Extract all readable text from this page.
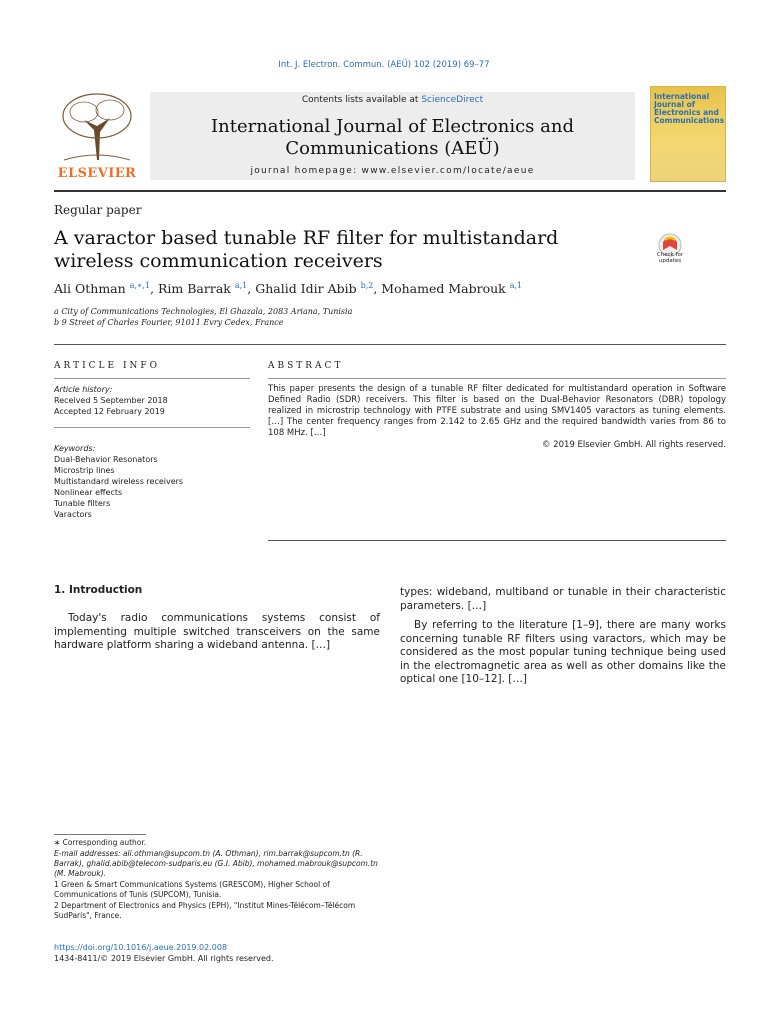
Int. J. Electron. Commun. (AEÜ) 102 (2019) 69–77
Contents lists available at ScienceDirect
International Journal of Electronics and Communications (AEÜ)
journal homepage: www.elsevier.com/locate/aeue
ELSEVIER
International Journal of Electronics and Communications
Regular paper
A varactor based tunable RF filter for multistandard wireless communication receivers	Check for updates
Ali Othman $^{a,∗,1}$, Rim Barrak $^{a,1}$, Ghalid Idir Abib $^{b,2}$, Mohamed Mabrouk $^{a,1}$
a City of Communications Technologies, El Ghazala, 2083 Ariana, Tunisia
b 9 Street of Charles Fourier, 91011 Evry Cedex, France
ARTICLE INFO
Article history:
Received 5 September 2018
Accepted 12 February 2019
Keywords:
Dual-Behavior Resonators
Microstrip lines
Multistandard wireless receivers
Nonlinear effects
Tunable filters
Varactors
ABSTRACT
This paper presents the design of a tunable RF filter dedicated for multistandard operation in Software Defined Radio (SDR) receivers. This filter is based on the Dual-Behavior Resonators (DBR) topology realized in microstrip technology with PTFE substrate and using SMV1405 varactors as tuning elements. […] The center frequency ranges from 2.142 to 2.65 GHz and the required bandwidth varies from 86 to 108 MHz. […]
© 2019 Elsevier GmbH. All rights reserved.
1. Introduction

Today's radio communications systems consist of implementing multiple switched transceivers on the same hardware platform sharing a wideband antenna. […]

types: wideband, multiband or tunable in their characteristic parameters. […]

By referring to the literature [1–9], there are many works concerning tunable RF filters using varactors, which may be considered as the most popular tuning technique being used in the electromagnetic area as well as other domains like the optical one [10–12]. […]

∗ Corresponding author.

E-mail addresses: ali.othman@supcom.tn (A. Othman), rim.barrak@supcom.tn (R. Barrak), ghalid.abib@telecom-sudparis.eu (G.I. Abib), mohamed.mabrouk@supcom.tn (M. Mabrouk).

1 Green & Smart Communications Systems (GRESCOM), Higher School of Communications of Tunis (SUPCOM), Tunisia.

2 Department of Electronics and Physics (EPH), "Institut Mines-Télécom–Télécom SudParis", France.

https://doi.org/10.1016/j.aeue.2019.02.008
1434-8411/© 2019 Elsevier GmbH. All rights reserved.
